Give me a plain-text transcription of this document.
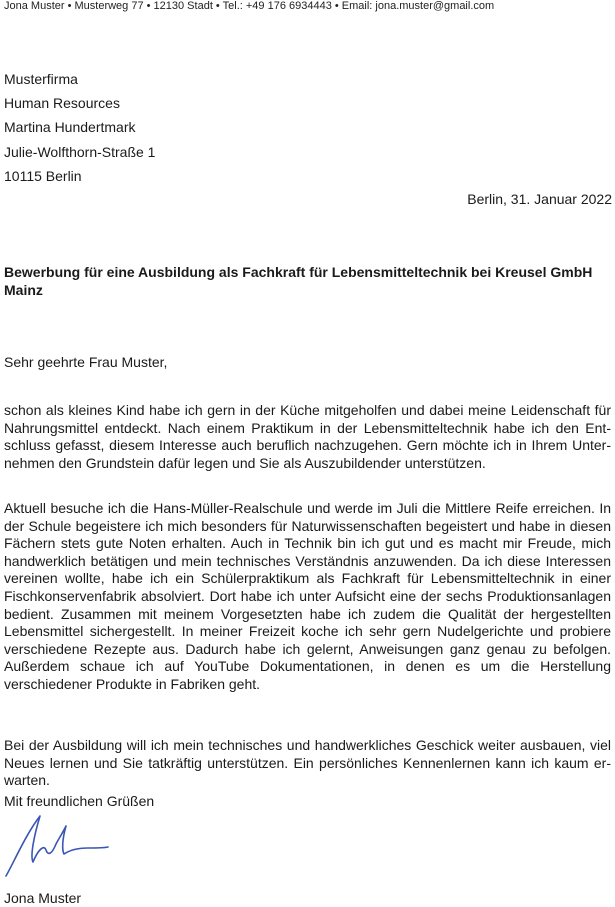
Jona Muster • Musterweg 77 • 12130 Stadt • Tel.: +49 176 6934443 • Email: jona.muster@gmail.com
Musterfirma
Human Resources
Martina Hundertmark
Julie-Wolfthorn-Straße 1
10115 Berlin
Berlin, 31. Januar 2022
Bewerbung für eine Ausbildung als Fachkraft für Lebensmitteltechnik bei Kreusel GmbH Mainz
Sehr geehrte Frau Muster,
schon als kleines Kind habe ich gern in der Küche mitgeholfen und dabei meine Leidenschaft für Nahrungsmittel entdeckt. Nach einem Praktikum in der Lebensmitteltechnik habe ich den Entschluss gefasst, diesem Interesse auch beruflich nachzugehen. Gern möchte ich in Ihrem Unternehmen den Grundstein dafür legen und Sie als Auszubildender unterstützen.
Aktuell besuche ich die Hans-Müller-Realschule und werde im Juli die Mittlere Reife erreichen. In der Schule begeistere ich mich besonders für Naturwissenschaften begeistert und habe in diesen Fächern stets gute Noten erhalten. Auch in Technik bin ich gut und es macht mir Freude, mich handwerklich betätigen und mein technisches Verständnis anzuwenden. Da ich diese Interessen vereinen wollte, habe ich ein Schülerpraktikum als Fachkraft für Lebensmitteltechnik in einer Fischkonservenfabrik absolviert. Dort habe ich unter Aufsicht eine der sechs Produktionsanlagen bedient. Zusammen mit meinem Vorgesetzten habe ich zudem die Qualität der hergestellten Lebensmittel sichergestellt. In meiner Freizeit koche ich sehr gern Nudelgerichte und probiere verschiedene Rezepte aus. Dadurch habe ich gelernt, Anweisungen ganz genau zu befolgen. Außerdem schaue ich auf YouTube Dokumentationen, in denen es um die Herstellung verschiedener Produkte in Fabriken geht.
Bei der Ausbildung will ich mein technisches und handwerkliches Geschick weiter ausbauen, viel Neues lernen und Sie tatkräftig unterstützen. Ein persönliches Kennenlernen kann ich kaum erwarten.
Mit freundlichen Grüßen
Jona Muster
